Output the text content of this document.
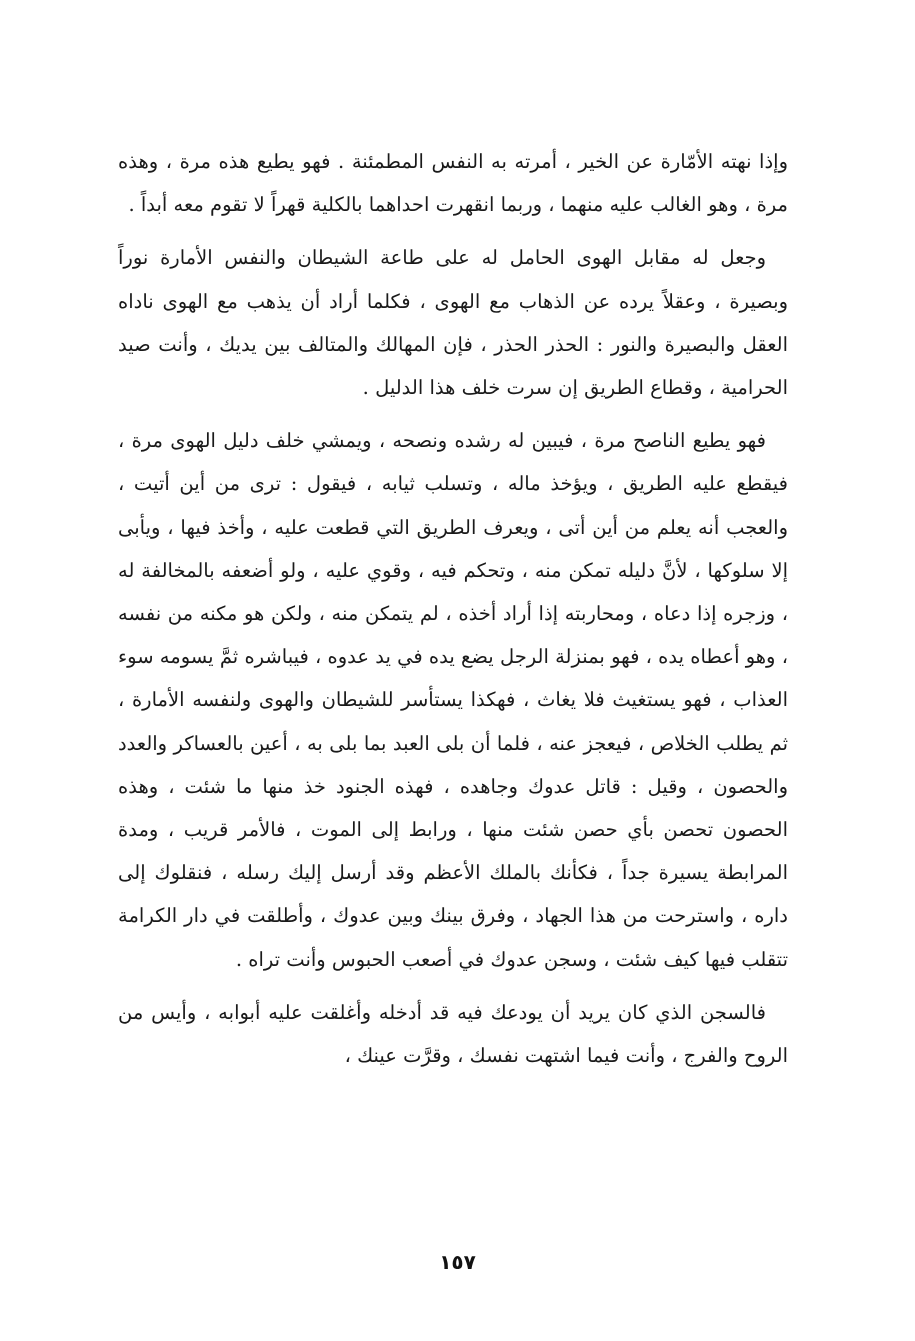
وإذا نهته الأمّارة عن الخير ، أمرته به النفس المطمئنة . فهو يطيع هذه مرة ، وهذه مرة ، وهو الغالب عليه منهما ، وربما انقهرت احداهما بالكلية قهراً لا تقوم معه أبداً .

وجعل له مقابل الهوى الحامل له على طاعة الشيطان والنفس الأمارة نوراً وبصيرة ، وعقلاً يرده عن الذهاب مع الهوى ، فكلما أراد أن يذهب مع الهوى ناداه العقل والبصيرة والنور : الحذر الحذر ، فإن المهالك والمتالف بين يديك ، وأنت صيد الحرامية ، وقطاع الطريق إن سرت خلف هذا الدليل .

فهو يطيع الناصح مرة ، فيبين له رشده ونصحه ، ويمشي خلف دليل الهوى مرة ، فيقطع عليه الطريق ، ويؤخذ ماله ، وتسلب ثيابه ، فيقول : ترى من أين أتيت ، والعجب أنه يعلم من أين أتى ، ويعرف الطريق التي قطعت عليه ، وأخذ فيها ، ويأبى إلا سلوكها ، لأنَّ دليله تمكن منه ، وتحكم فيه ، وقوي عليه ، ولو أضعفه بالمخالفة له ، وزجره إذا دعاه ، ومحاربته إذا أراد أخذه ، لم يتمكن منه ، ولكن هو مكنه من نفسه ، وهو أعطاه يده ، فهو بمنزلة الرجل يضع يده في يد عدوه ، فيباشره ثمَّ يسومه سوء العذاب ، فهو يستغيث فلا يغاث ، فهكذا يستأسر للشيطان والهوى ولنفسه الأمارة ، ثم يطلب الخلاص ، فيعجز عنه ، فلما أن بلى العبد بما بلى به ، أعين بالعساكر والعدد والحصون ، وقيل : قاتل عدوك وجاهده ، فهذه الجنود خذ منها ما شئت ، وهذه الحصون تحصن بأي حصن شئت منها ، ورابط إلى الموت ، فالأمر قريب ، ومدة المرابطة يسيرة جداً ، فكأنك بالملك الأعظم وقد أرسل إليك رسله ، فنقلوك إلى داره ، واسترحت من هذا الجهاد ، وفرق بينك وبين عدوك ، وأطلقت في دار الكرامة تتقلب فيها كيف شئت ، وسجن عدوك في أصعب الحبوس وأنت تراه .

فالسجن الذي كان يريد أن يودعك فيه قد أدخله وأغلقت عليه أبوابه ، وأيس من الروح والفرج ، وأنت فيما اشتهت نفسك ، وقرَّت عينك ،

١٥٧
